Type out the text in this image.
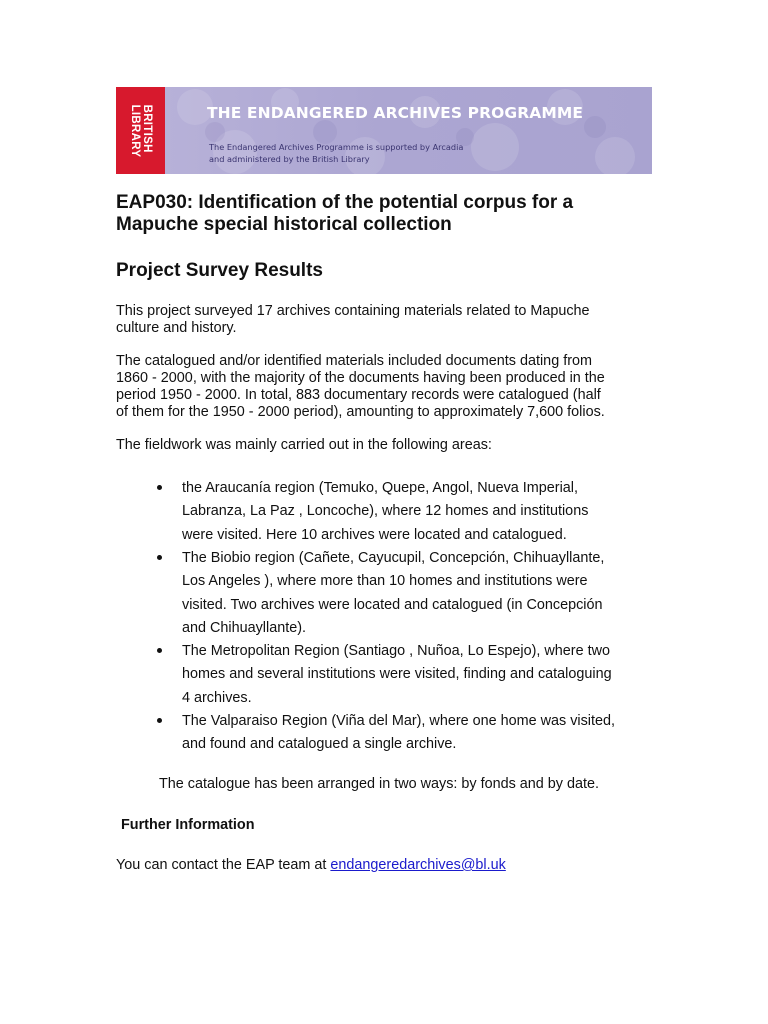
BRITISH
LIBRARY	THE ENDANGERED ARCHIVES PROGRAMME
The Endangered Archives Programme is supported by Arcadia
and administered by the British Library
EAP030: Identification of the potential corpus for a
Mapuche special historical collection
Project Survey Results

This project surveyed 17 archives containing materials related to Mapuche
culture and history.

The catalogued and/or identified materials included documents dating from
1860 - 2000, with the majority of the documents having been produced in the
period 1950 - 2000. In total, 883 documentary records were catalogued (half
of them for the 1950 - 2000 period), amounting to approximately 7,600 folios.

The fieldwork was mainly carried out in the following areas:

the Araucanía region (Temuko, Quepe, Angol, Nueva Imperial,
Labranza, La Paz , Loncoche), where 12 homes and institutions
were visited. Here 10 archives were located and catalogued.
The Biobio region (Cañete, Cayucupil, Concepción, Chihuayllante,
Los Angeles ), where more than 10 homes and institutions were
visited. Two archives were located and catalogued (in Concepción
and Chihuayllante).
The Metropolitan Region (Santiago , Nuñoa, Lo Espejo), where two
homes and several institutions were visited, finding and cataloguing
4 archives.
The Valparaiso Region (Viña del Mar), where one home was visited,
and found and catalogued a single archive.

The catalogue has been arranged in two ways: by fonds and by date.

Further Information

You can contact the EAP team at endangeredarchives@bl.uk
